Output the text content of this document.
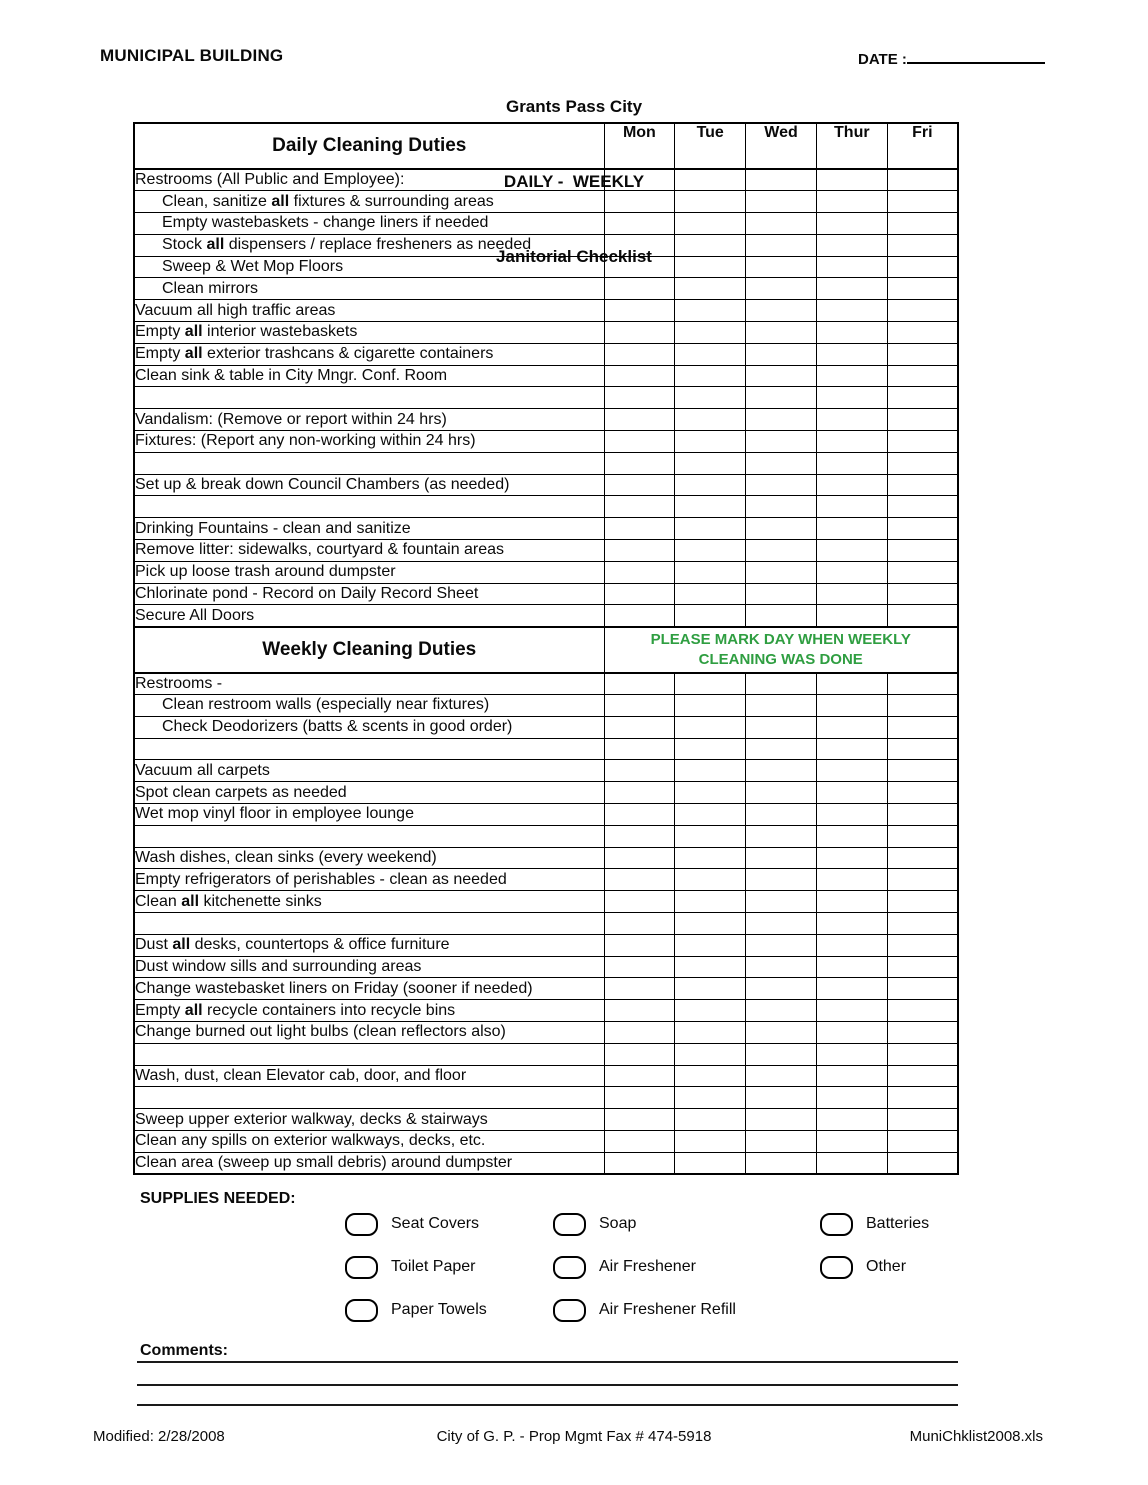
MUNICIPAL BUILDING

Grants Pass City

DAILY -  WEEKLY

Janitorial Checklist

DATE :
Daily Cleaning Duties	Mon	Tue	Wed	Thur	Fri
Restrooms (All Public and Employee):					
Clean, sanitize all fixtures & surrounding areas					
Empty wastebaskets - change liners if needed					
Stock all dispensers / replace fresheners as needed					
Sweep & Wet Mop Floors					
Clean mirrors					
Vacuum all high traffic areas					
Empty all interior wastebaskets					
Empty all exterior trashcans & cigarette containers					
Clean sink & table in City Mngr. Conf. Room					

Vandalism: (Remove or report within 24 hrs)					
Fixtures: (Report any non-working within 24 hrs)					

Set up & break down Council Chambers (as needed)					

Drinking Fountains - clean and sanitize					
Remove litter: sidewalks, courtyard & fountain areas					
Pick up loose trash around dumpster					
Chlorinate pond - Record on Daily Record Sheet					
Secure All Doors					
Weekly Cleaning Duties	PLEASE MARK DAY WHEN WEEKLY
CLEANING WAS DONE				

Restrooms -					
Clean restroom walls (especially near fixtures)					
Check Deodorizers (batts & scents in good order)					

Vacuum all carpets					
Spot clean carpets as needed					
Wet mop vinyl floor in employee lounge					

Wash dishes, clean sinks (every weekend)					
Empty refrigerators of perishables - clean as needed					
Clean all kitchenette sinks					

Dust all desks, countertops & office furniture					
Dust window sills and surrounding areas					
Change wastebasket liners on Friday (sooner if needed)					
Empty all recycle containers into recycle bins					
Change burned out light bulbs (clean reflectors also)					

Wash, dust, clean Elevator cab, door, and floor					

Sweep upper exterior walkway, decks & stairways					
Clean any spills on exterior walkways, decks, etc.					
Clean area (sweep up small debris) around dumpster					
SUPPLIES NEEDED:
Seat Covers
Toilet Paper
Paper Towels
Soap
Air Freshener
Air Freshener Refill
Batteries
Other
Comments:
Modified: 2/28/2008	City of G. P. - Prop Mgmt Fax # 474-5918	MuniChklist2008.xls
